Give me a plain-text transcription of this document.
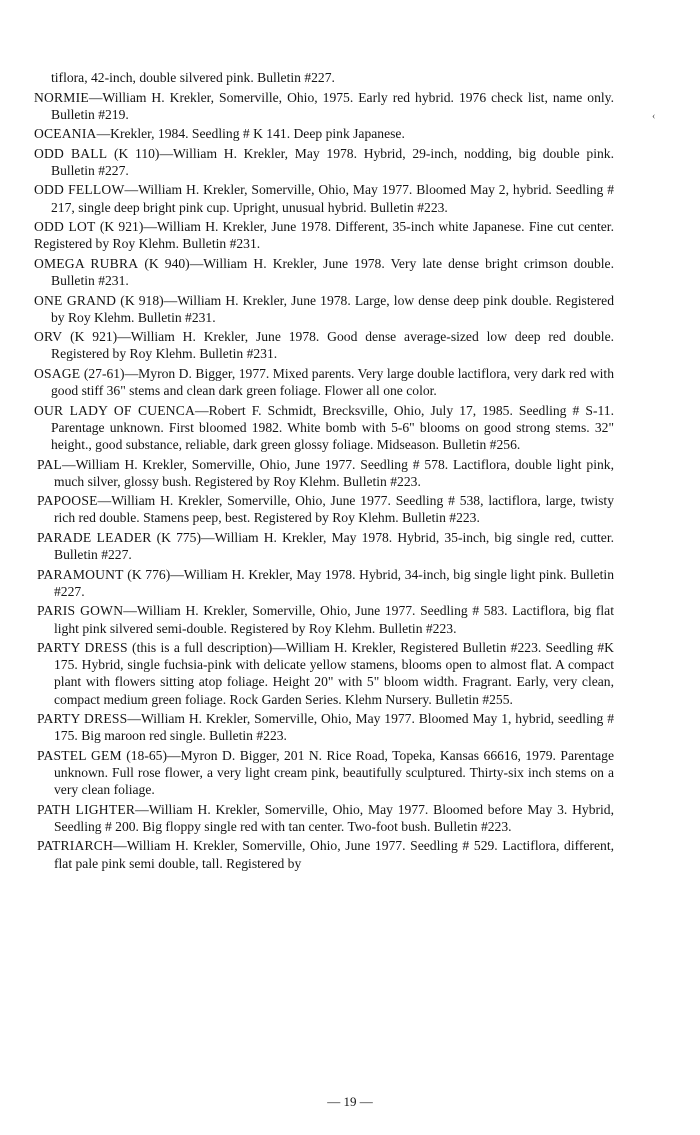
tiflora, 42-inch, double silvered pink. Bulletin #227.

NORMIE—William H. Krekler, Somerville, Ohio, 1975. Early red hybrid. 1976 check list, name only. Bulletin #219.

OCEANIA—Krekler, 1984. Seedling # K 141. Deep pink Japanese.

ODD BALL (K 110)—William H. Krekler, May 1978. Hybrid, 29-inch, nodding, big double pink. Bulletin #227.

ODD FELLOW—William H. Krekler, Somerville, Ohio, May 1977. Bloomed May 2, hybrid. Seedling # 217, single deep bright pink cup. Upright, unusual hybrid. Bulletin #223.

ODD LOT (K 921)—William H. Krekler, June 1978. Different, 35-inch white Japanese. Fine cut center. Registered by Roy Klehm. Bulletin #231.

OMEGA RUBRA (K 940)—William H. Krekler, June 1978. Very late dense bright crimson double. Bulletin #231.

ONE GRAND (K 918)—William H. Krekler, June 1978. Large, low dense deep pink double. Registered by Roy Klehm. Bulletin #231.

ORV (K 921)—William H. Krekler, June 1978. Good dense average-sized low deep red double. Registered by Roy Klehm. Bulletin #231.

OSAGE (27-61)—Myron D. Bigger, 1977. Mixed parents. Very large double lactiflora, very dark red with good stiff 36" stems and clean dark green foliage. Flower all one color.

OUR LADY OF CUENCA—Robert F. Schmidt, Brecksville, Ohio, July 17, 1985. Seedling # S-11. Parentage unknown. First bloomed 1982. White bomb with 5-6" blooms on good strong stems. 32" height., good substance, reliable, dark green glossy foliage. Midseason. Bulletin #256.

PAL—William H. Krekler, Somerville, Ohio, June 1977. Seedling # 578. Lactiflora, double light pink, much silver, glossy bush. Registered by Roy Klehm. Bulletin #223.

PAPOOSE—William H. Krekler, Somerville, Ohio, June 1977. Seedling # 538, lactiflora, large, twisty rich red double. Stamens peep, best. Registered by Roy Klehm. Bulletin #223.

PARADE LEADER (K 775)—William H. Krekler, May 1978. Hybrid, 35-inch, big single red, cutter. Bulletin #227.

PARAMOUNT (K 776)—William H. Krekler, May 1978. Hybrid, 34-inch, big single light pink. Bulletin #227.

PARIS GOWN—William H. Krekler, Somerville, Ohio, June 1977. Seedling # 583. Lactiflora, big flat light pink silvered semi-double. Registered by Roy Klehm. Bulletin #223.

PARTY DRESS (this is a full description)—William H. Krekler, Registered Bulletin #223. Seedling #K 175. Hybrid, single fuchsia-pink with delicate yellow stamens, blooms open to almost flat. A compact plant with flowers sitting atop foliage. Height 20" with 5" bloom width. Fragrant. Early, very clean, compact medium green foliage. Rock Garden Series. Klehm Nursery. Bulletin #255.

PARTY DRESS—William H. Krekler, Somerville, Ohio, May 1977. Bloomed May 1, hybrid, seedling # 175. Big maroon red single. Bulletin #223.

PASTEL GEM (18-65)—Myron D. Bigger, 201 N. Rice Road, Topeka, Kansas 66616, 1979. Parentage unknown. Full rose flower, a very light cream pink, beautifully sculptured. Thirty-six inch stems on a very clean foliage.

PATH LIGHTER—William H. Krekler, Somerville, Ohio, May 1977. Bloomed before May 3. Hybrid, Seedling # 200. Big floppy single red with tan center. Two-foot bush. Bulletin #223.

PATRIARCH—William H. Krekler, Somerville, Ohio, June 1977. Seedling # 529. Lactiflora, different, flat pale pink semi double, tall. Registered by

‹
— 19 —
